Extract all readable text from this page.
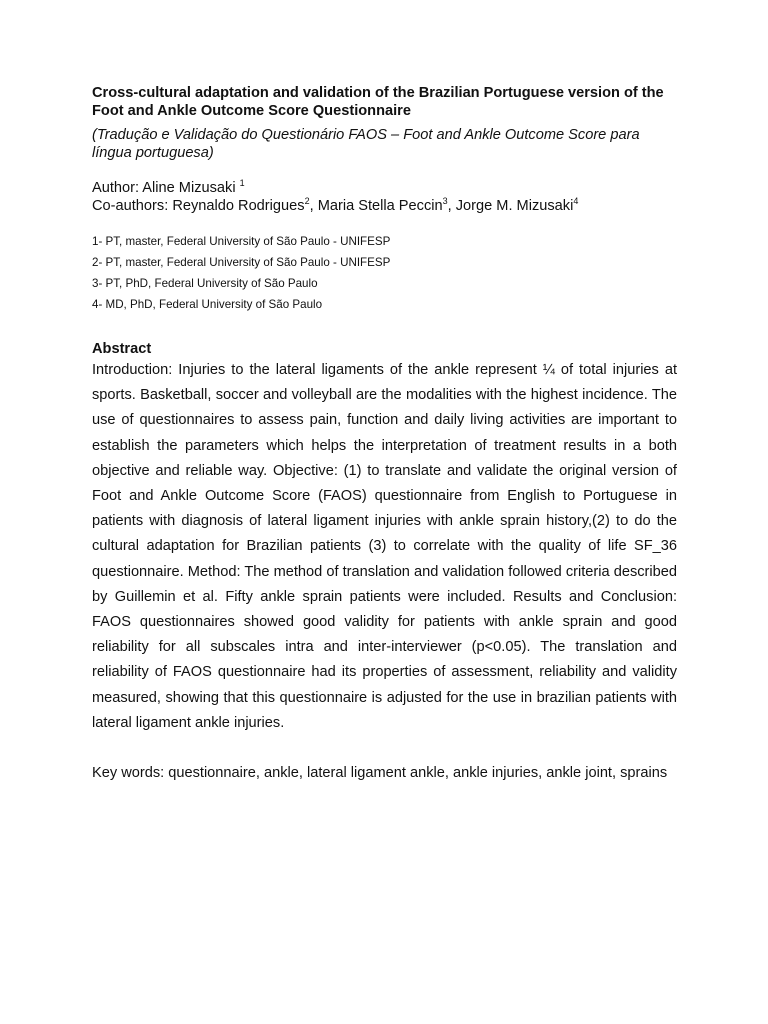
Cross-cultural adaptation and validation of the Brazilian Portuguese version of the Foot and Ankle Outcome Score Questionnaire

(Tradução e Validação do Questionário FAOS – Foot and Ankle Outcome Score para língua portuguesa)

Author: Aline Mizusaki $^1$
Co-authors: Reynaldo Rodrigues$^2$, Maria Stella Peccin$^3$, Jorge M. Mizusaki$^4$
1- PT, master, Federal University of São Paulo - UNIFESP
2- PT, master, Federal University of São Paulo - UNIFESP
3- PT, PhD, Federal University of São Paulo
4- MD, PhD, Federal University of São Paulo
Abstract
Introduction: Injuries to the lateral ligaments of the ankle represent ¼ of total injuries at sports. Basketball, soccer and volleyball are the modalities with the highest incidence. The use of questionnaires to assess pain, function and daily living activities are important to establish the parameters which helps the interpretation of treatment results in a both objective and reliable way. Objective: (1) to translate and validate the original version of Foot and Ankle Outcome Score (FAOS) questionnaire from English to Portuguese in patients with diagnosis of lateral ligament injuries with ankle sprain history,(2) to do the cultural adaptation for Brazilian patients (3) to correlate with the quality of life SF_36 questionnaire. Method: The method of translation and validation followed criteria described by Guillemin et al. Fifty ankle sprain patients were included. Results and Conclusion: FAOS questionnaires showed good validity for patients with ankle sprain and good reliability for all subscales intra and inter-interviewer (p<0.05). The translation and reliability of FAOS questionnaire had its properties of assessment, reliability and validity measured, showing that this questionnaire is adjusted for the use in brazilian patients with lateral ligament ankle injuries.
Key words: questionnaire, ankle, lateral ligament ankle, ankle injuries, ankle joint, sprains
